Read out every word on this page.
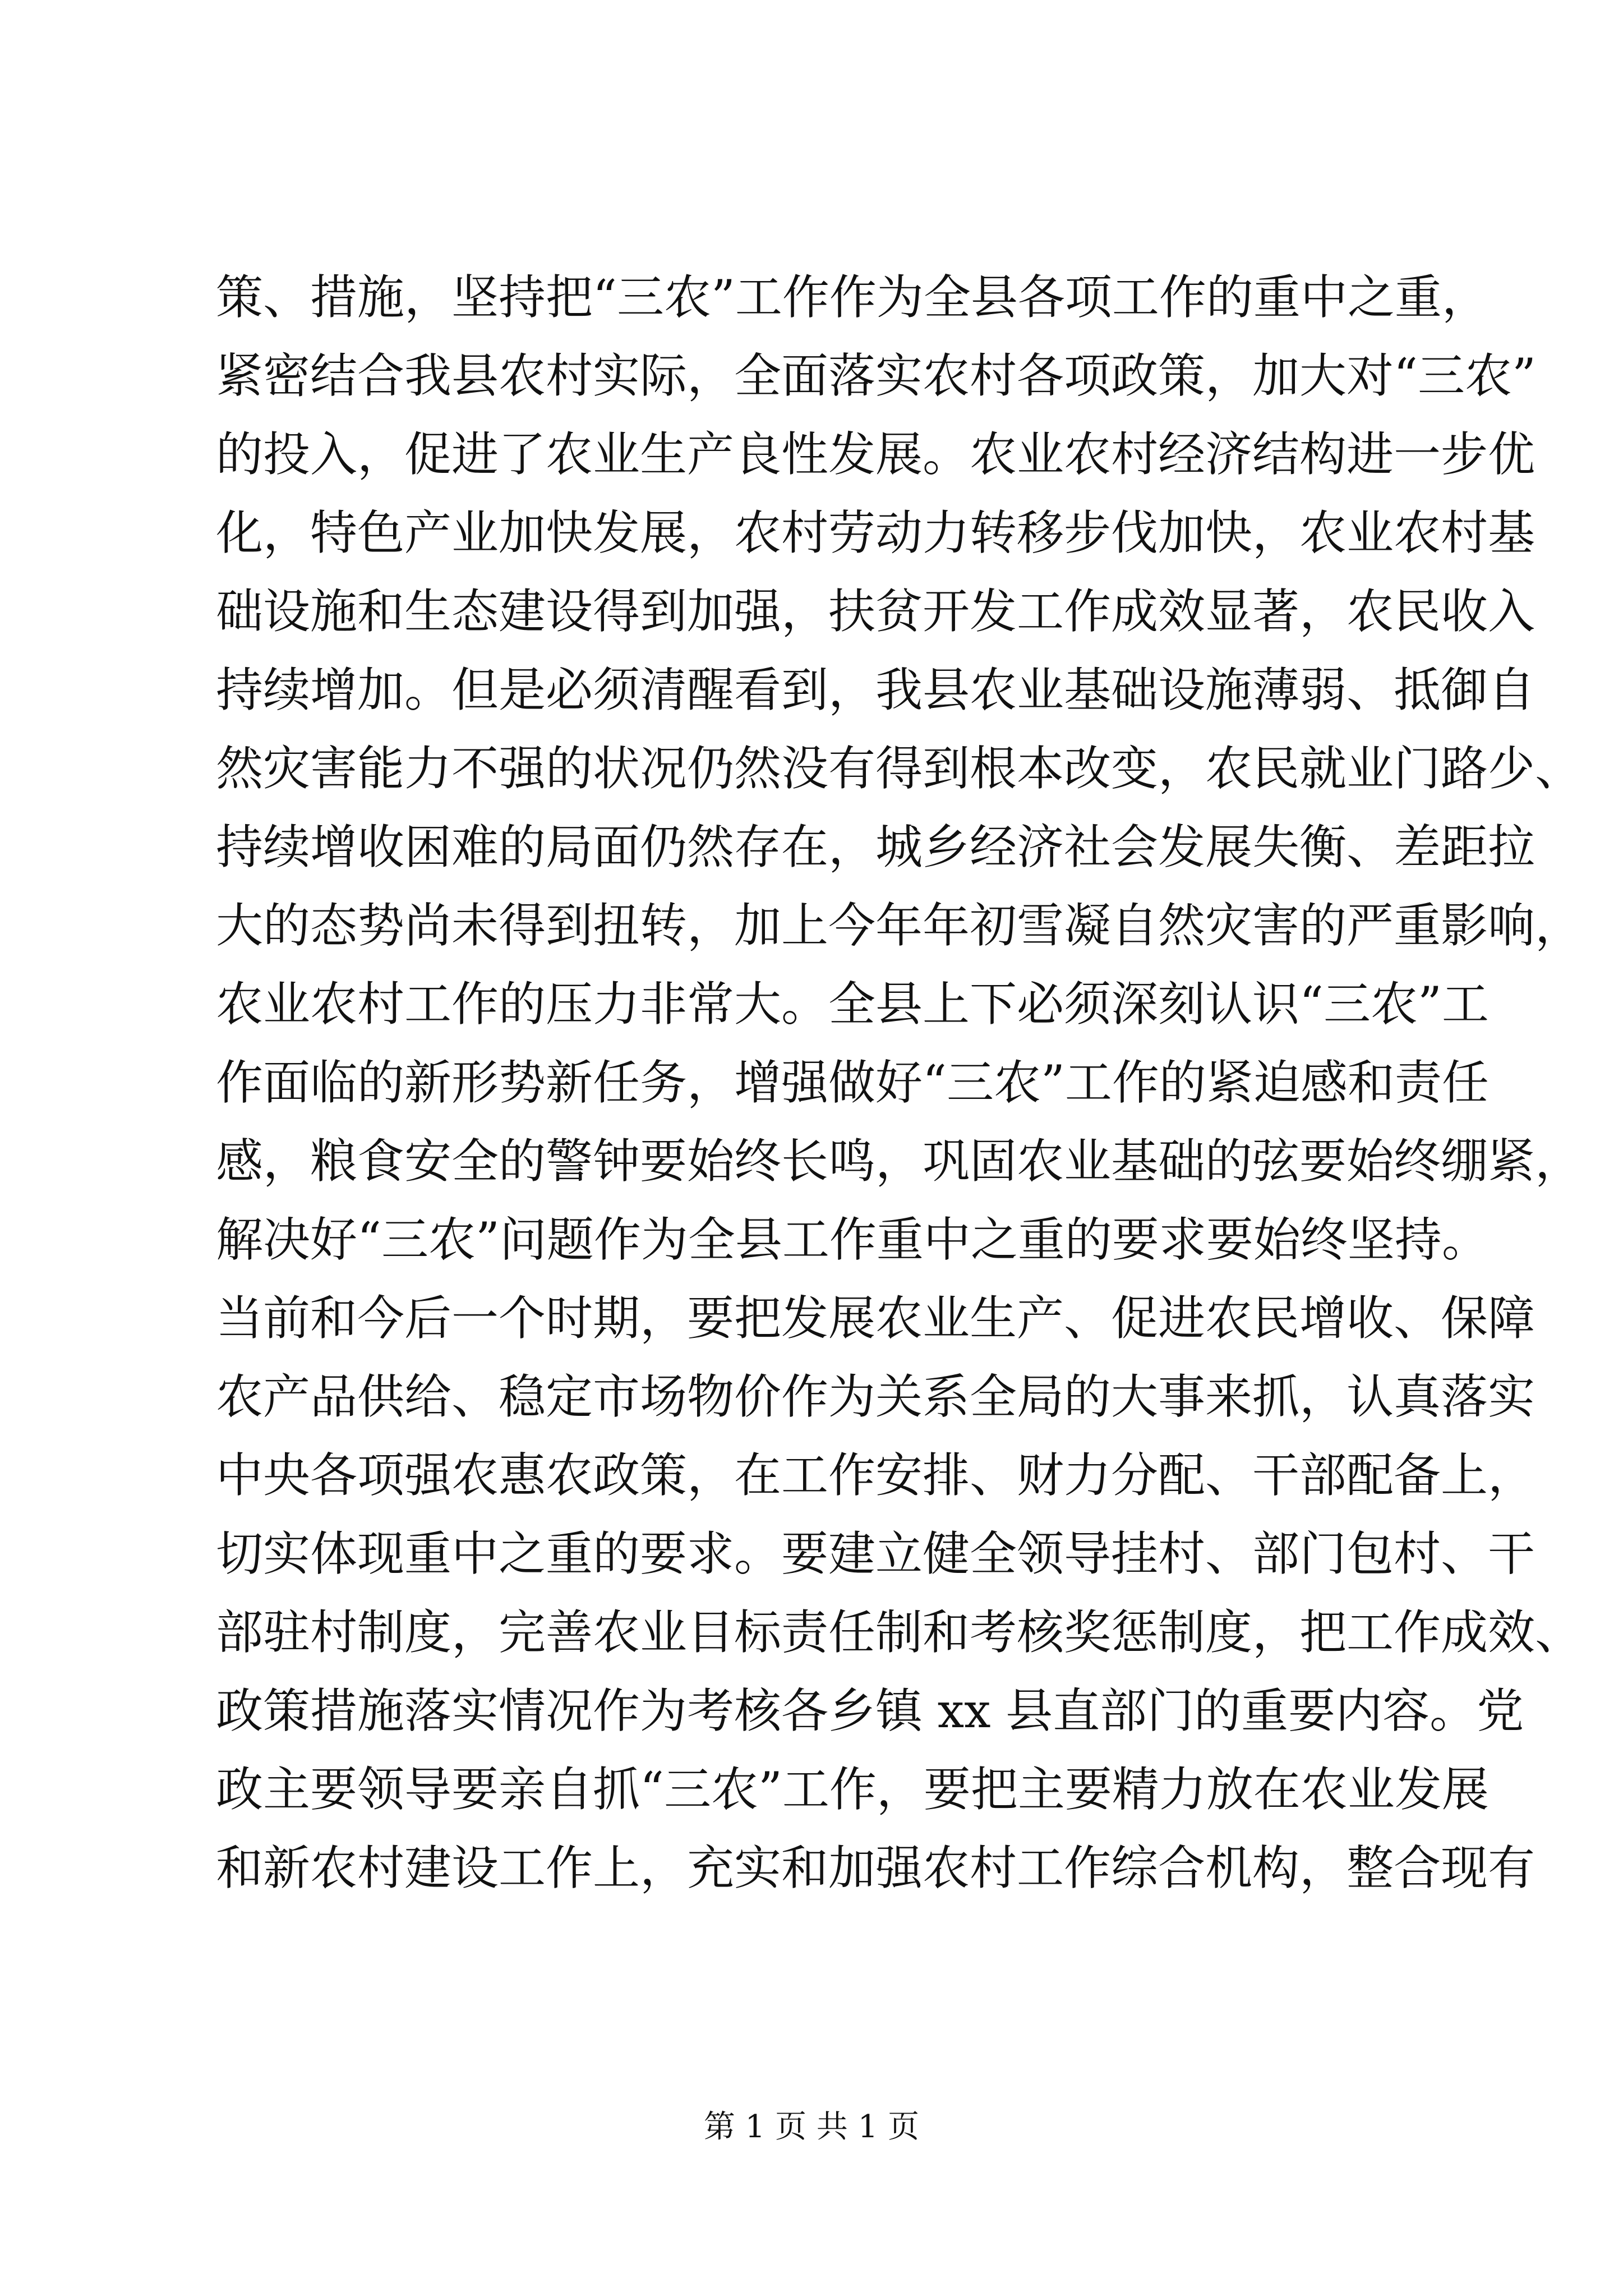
策、措施，坚持把“三农”工作作为全县各项工作的重中之重，
紧密结合我县农村实际，全面落实农村各项政策，加大对“三农”
的投入，促进了农业生产良性发展。农业农村经济结构进一步优
化，特色产业加快发展，农村劳动力转移步伐加快，农业农村基
础设施和生态建设得到加强，扶贫开发工作成效显著，农民收入
持续增加。但是必须清醒看到，我县农业基础设施薄弱、抵御自
然灾害能力不强的状况仍然没有得到根本改变，农民就业门路少、
持续增收困难的局面仍然存在，城乡经济社会发展失衡、差距拉
大的态势尚未得到扭转，加上今年年初雪凝自然灾害的严重影响，
农业农村工作的压力非常大。全县上下必须深刻认识“三农”工
作面临的新形势新任务，增强做好“三农”工作的紧迫感和责任
感，粮食安全的警钟要始终长鸣，巩固农业基础的弦要始终绷紧，
解决好“三农”问题作为全县工作重中之重的要求要始终坚持。
当前和今后一个时期，要把发展农业生产、促进农民增收、保障
农产品供给、稳定市场物价作为关系全局的大事来抓，认真落实
中央各项强农惠农政策，在工作安排、财力分配、干部配备上，
切实体现重中之重的要求。要建立健全领导挂村、部门包村、干
部驻村制度，完善农业目标责任制和考核奖惩制度，把工作成效、
政策措施落实情况作为考核各乡镇 xx 县直部门的重要内容。党
政主要领导要亲自抓“三农”工作，要把主要精力放在农业发展
和新农村建设工作上，充实和加强农村工作综合机构，整合现有
第 1 页 共 1 页
